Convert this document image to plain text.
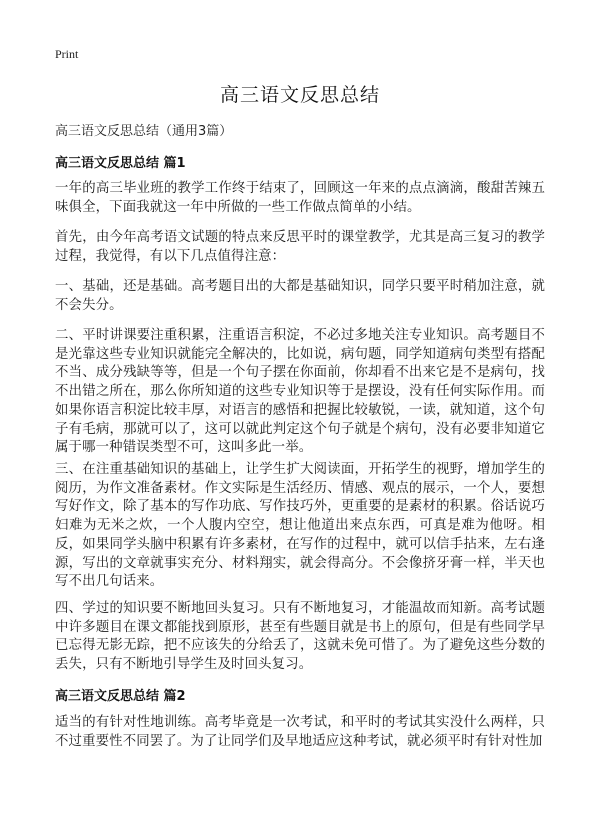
Print
高三语文反思总结
高三语文反思总结（通用3篇）
高三语文反思总结 篇1

一年的高三毕业班的教学工作终于结束了，回顾这一年来的点点滴滴，酸甜苦辣五味俱全，下面我就这一年中所做的一些工作做点简单的小结。

首先，由今年高考语文试题的特点来反思平时的课堂教学，尤其是高三复习的教学过程，我觉得，有以下几点值得注意：

一、基础，还是基础。高考题目出的大都是基础知识，同学只要平时稍加注意，就不会失分。

二、平时讲课要注重积累，注重语言积淀，不必过多地关注专业知识。高考题目不是光靠这些专业知识就能完全解决的，比如说，病句题，同学知道病句类型有搭配不当、成分残缺等等，但是一个句子摆在你面前，你却看不出来它是不是病句，找不出错之所在，那么你所知道的这些专业知识等于是摆设，没有任何实际作用。而如果你语言积淀比较丰厚，对语言的感悟和把握比较敏锐，一读，就知道，这个句子有毛病，那就可以了，这可以就此判定这个句子就是个病句，没有必要非知道它属于哪一种错误类型不可，这叫多此一举。

三、在注重基础知识的基础上，让学生扩大阅读面，开拓学生的视野，增加学生的阅历，为作文准备素材。作文实际是生活经历、情感、观点的展示，一个人，要想写好作文，除了基本的写作功底、写作技巧外，更重要的是素材的积累。俗话说巧妇难为无米之炊，一个人腹内空空，想让他道出来点东西，可真是难为他呀。相反，如果同学头脑中积累有许多素材，在写作的过程中，就可以信手拈来，左右逢源，写出的文章就事实充分、材料翔实，就会得高分。不会像挤牙膏一样，半天也写不出几句话来。

四、学过的知识要不断地回头复习。只有不断地复习，才能温故而知新。高考试题中许多题目在课文都能找到原形，甚至有些题目就是书上的原句，但是有些同学早已忘得无影无踪，把不应该失的分给丢了，这就未免可惜了。为了避免这些分数的丢失，只有不断地引导学生及时回头复习。

高三语文反思总结 篇2

适当的有针对性地训练。高考毕竟是一次考试，和平时的考试其实没什么两样，只不过重要性不同罢了。为了让同学们及早地适应这种考试，就必须平时有针对性加
